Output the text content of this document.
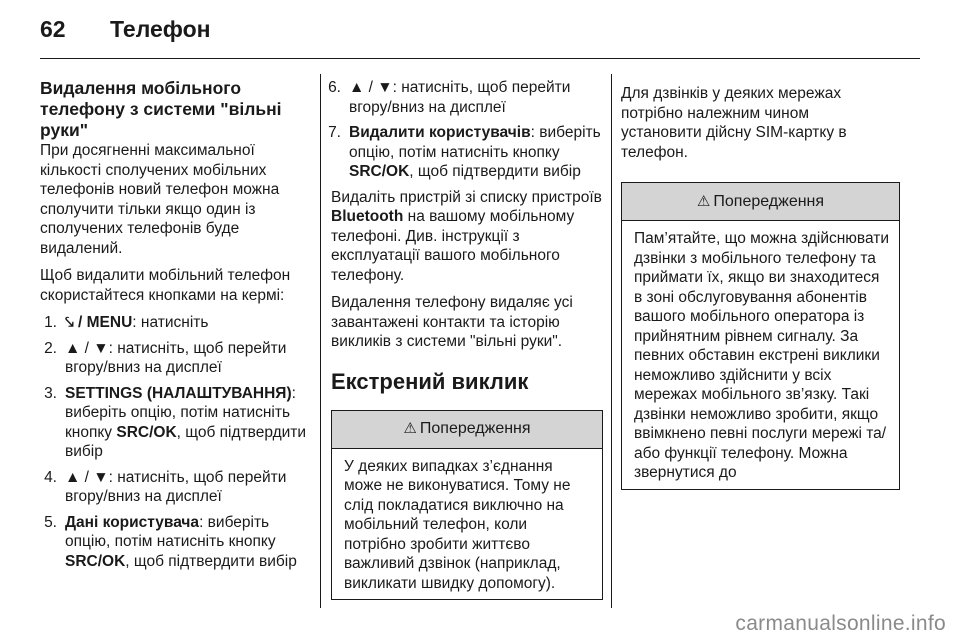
62	Телефон
Видалення мобільного телефону з системи "вільні руки"

При досягненні максимальної кількості сполучених мобільних телефонів новий телефон можна сполучити тільки якщо один із сполучених телефонів буде видалений.

Щоб видалити мобільний телефон скористайтеся кнопками на кермі:

1. ⤥ / MENU: натисніть
2. ▲ / ▼: натисніть, щоб перейти вгору/вниз на дисплеї
3. SETTINGS (НАЛАШТУВАННЯ): виберіть опцію, потім натисніть кнопку SRC/OK, щоб підтвердити вибір
4. ▲ / ▼: натисніть, щоб перейти вгору/вниз на дисплеї
5. Дані користувача: виберіть опцію, потім натисніть кнопку SRC/OK, щоб підтвердити вибір
6. ▲ / ▼: натисніть, щоб перейти вгору/вниз на дисплеї
7. Видалити користувачів: виберіть опцію, потім натисніть кнопку SRC/OK, щоб підтвердити вибір

Видаліть пристрій зі списку пристроїв Bluetooth на вашому мобільному телефоні. Див. інструкції з експлуатації вашого мобільного телефону.

Видалення телефону видаляє усі завантажені контакти та історію викликів з системи "вільні руки".

Екстрений виклик
⚠ Попередження
У деяких випадках з’єднання може не виконуватися. Тому не слід покладатися виключно на мобільний телефон, коли потрібно зробити життєво важливий дзвінок (наприклад, викликати швидку допомогу).
Для дзвінків у деяких мережах потрібно належним чином установити дійсну SIM-картку в телефон.
⚠ Попередження
Пам’ятайте, що можна здійснювати дзвінки з мобільного телефону та приймати їх, якщо ви знаходитеся в зоні обслуговування абонентів вашого мобільного оператора із прийнятним рівнем сигналу. За певних обставин екстрені виклики неможливо здійснити у всіх мережах мобільного зв’язку. Такі дзвінки неможливо зробити, якщо ввімкнено певні послуги мережі та/або функції телефону. Можна звернутися до
carmanualsonline.info
